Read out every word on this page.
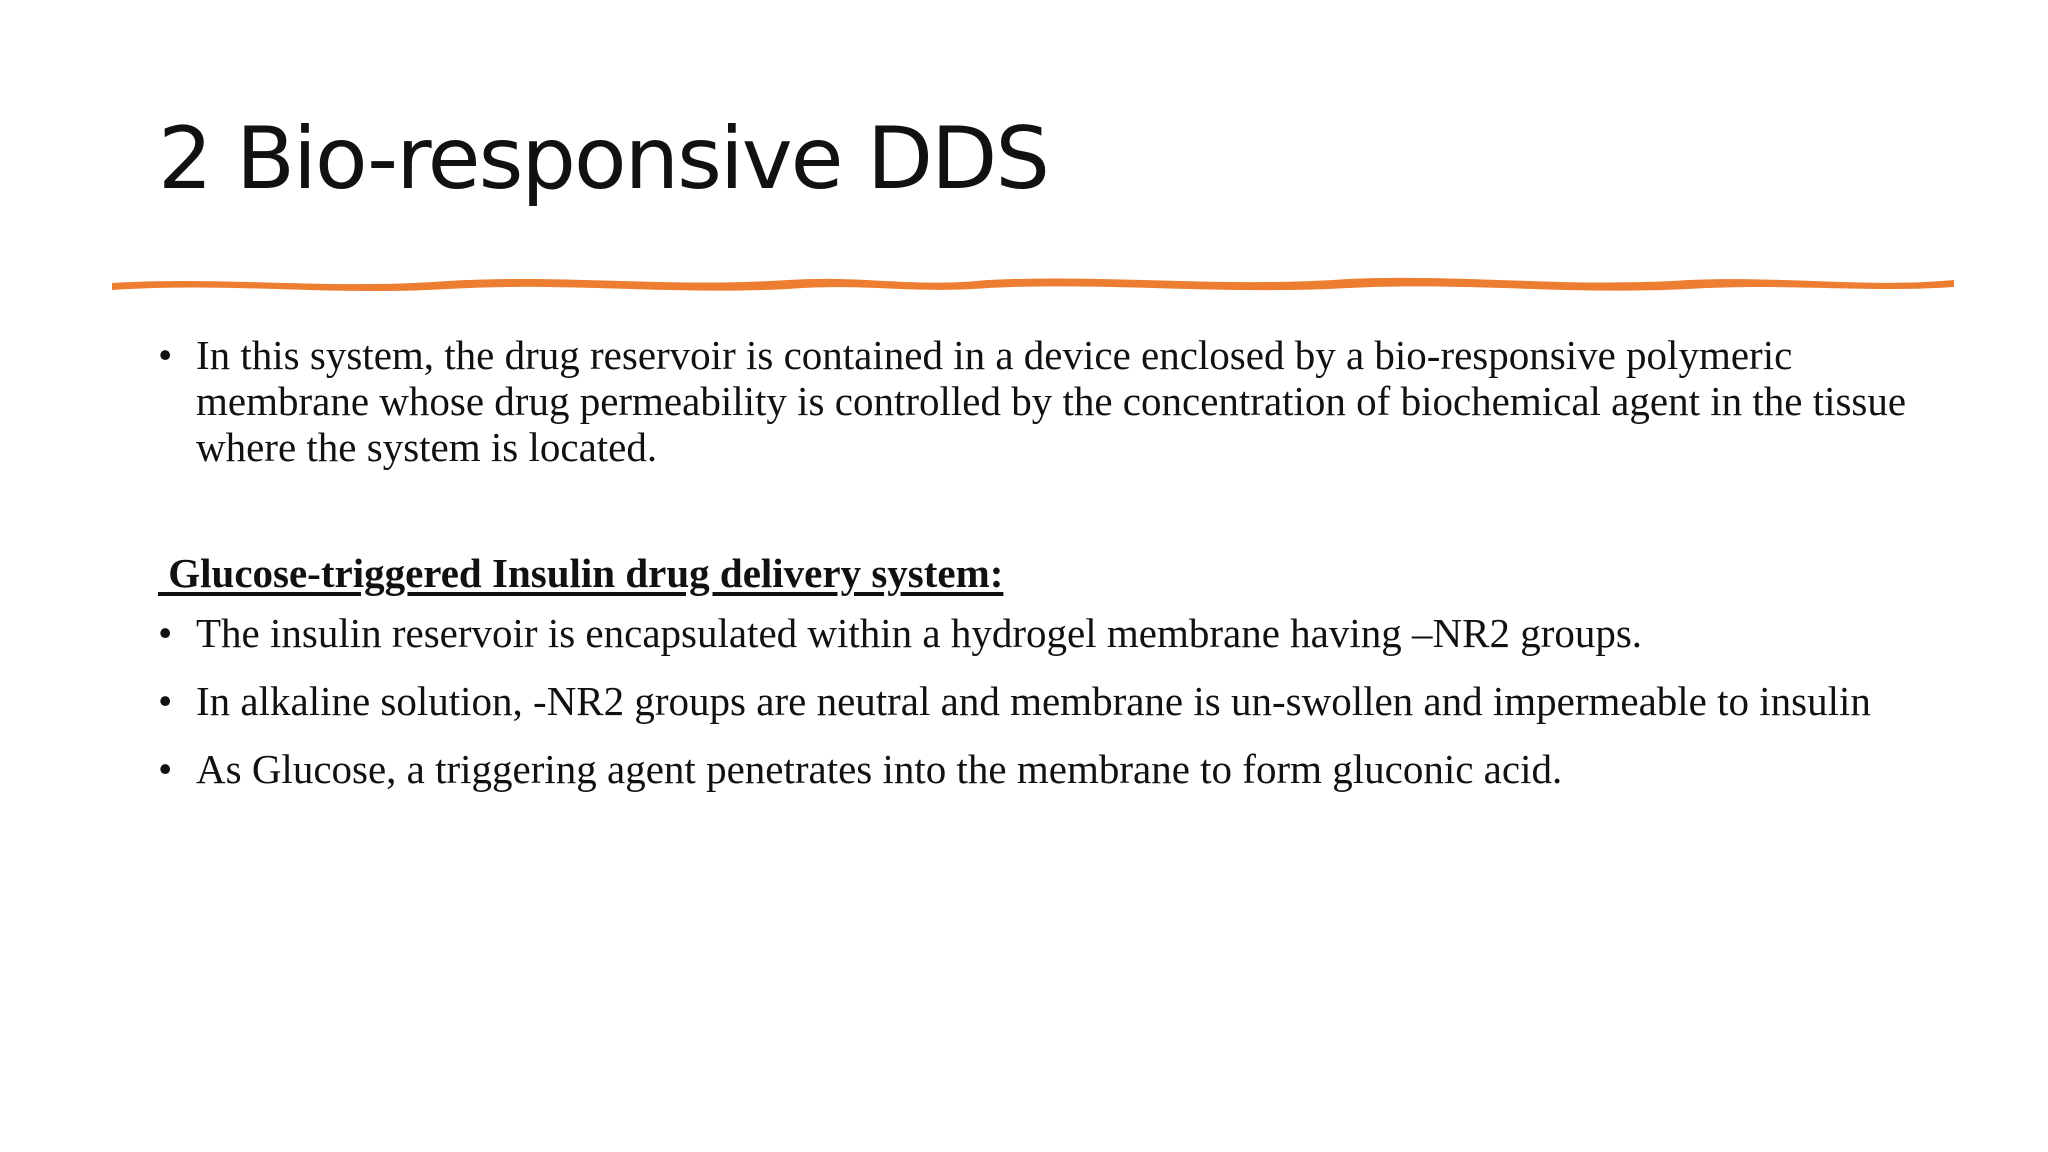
2 Bio-responsive DDS
• In this system, the drug reservoir is contained in a device enclosed by a bio-responsive polymeric membrane whose drug permeability is controlled by the concentration of biochemical agent in the tissue where the system is located.

Glucose-triggered Insulin drug delivery system:

• The insulin reservoir is encapsulated within a hydrogel membrane having –NR2 groups.
• In alkaline solution, -NR2 groups are neutral and membrane is un-swollen and impermeable to insulin
• As Glucose, a triggering agent penetrates into the membrane to form gluconic acid.
